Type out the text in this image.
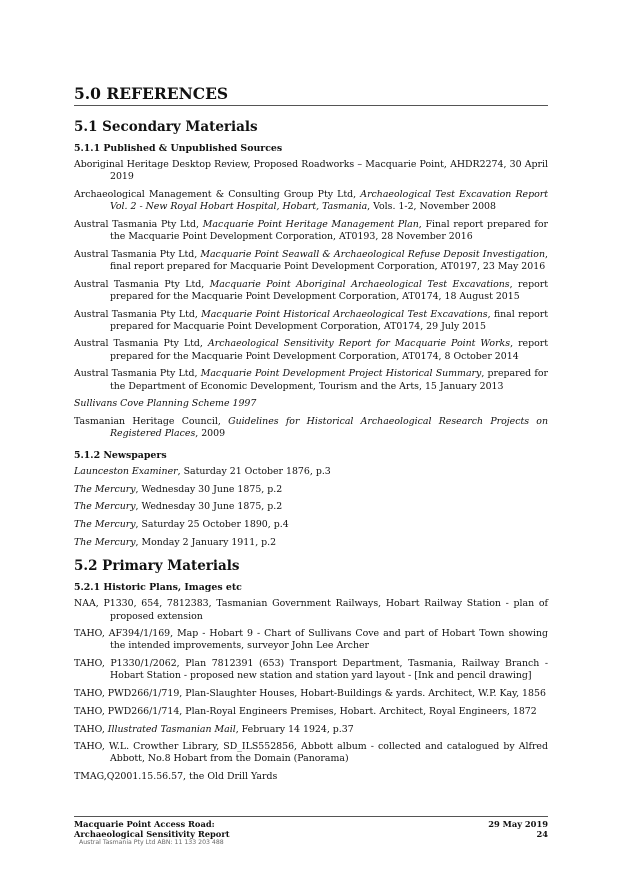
5.0 REFERENCES
5.1 Secondary Materials
5.1.1 Published & Unpublished Sources
Aboriginal Heritage Desktop Review, Proposed Roadworks – Macquarie Point, AHDR2274, 30 April 2019
Archaeological Management & Consulting Group Pty Ltd, Archaeological Test Excavation Report Vol. 2 - New Royal Hobart Hospital, Hobart, Tasmania, Vols. 1-2, November 2008
Austral Tasmania Pty Ltd, Macquarie Point Heritage Management Plan, Final report prepared for the Macquarie Point Development Corporation, AT0193, 28 November 2016
Austral Tasmania Pty Ltd, Macquarie Point Seawall & Archaeological Refuse Deposit Investigation, final report prepared for Macquarie Point Development Corporation, AT0197, 23 May 2016
Austral Tasmania Pty Ltd, Macquarie Point Aboriginal Archaeological Test Excavations, report prepared for the Macquarie Point Development Corporation, AT0174, 18 August 2015
Austral Tasmania Pty Ltd, Macquarie Point Historical Archaeological Test Excavations, final report prepared for Macquarie Point Development Corporation, AT0174, 29 July 2015
Austral Tasmania Pty Ltd, Archaeological Sensitivity Report for Macquarie Point Works, report prepared for the Macquarie Point Development Corporation, AT0174, 8 October 2014
Austral Tasmania Pty Ltd, Macquarie Point Development Project Historical Summary, prepared for the Department of Economic Development, Tourism and the Arts, 15 January 2013
Sullivans Cove Planning Scheme 1997
Tasmanian Heritage Council, Guidelines for Historical Archaeological Research Projects on Registered Places, 2009
5.1.2 Newspapers
Launceston Examiner, Saturday 21 October 1876, p.3
The Mercury, Wednesday 30 June 1875, p.2
The Mercury, Wednesday 30 June 1875, p.2
The Mercury, Saturday 25 October 1890, p.4
The Mercury, Monday 2 January 1911, p.2
5.2 Primary Materials
5.2.1 Historic Plans, Images etc
NAA, P1330, 654, 7812383, Tasmanian Government Railways, Hobart Railway Station - plan of proposed extension
TAHO, AF394/1/169, Map - Hobart 9 - Chart of Sullivans Cove and part of Hobart Town showing the intended improvements, surveyor John Lee Archer
TAHO, P1330/1/2062, Plan 7812391 (653) Transport Department, Tasmania, Railway Branch - Hobart Station - proposed new station and station yard layout - [Ink and pencil drawing]
TAHO, PWD266/1/719, Plan-Slaughter Houses, Hobart-Buildings & yards. Architect, W.P. Kay, 1856
TAHO, PWD266/1/714, Plan-Royal Engineers Premises, Hobart. Architect, Royal Engineers, 1872
TAHO, Illustrated Tasmanian Mail, February 14 1924, p.37
TAHO, W.L. Crowther Library, SD_ILS552856, Abbott album - collected and catalogued by Alfred Abbott, No.8 Hobart from the Domain (Panorama)
TMAG,Q2001.15.56.57, the Old Drill Yards
Macquarie Point Access Road:	29 May 2019
Archaeological Sensitivity Report	24
Austral Tasmania Pty Ltd ABN: 11 133 203 488
